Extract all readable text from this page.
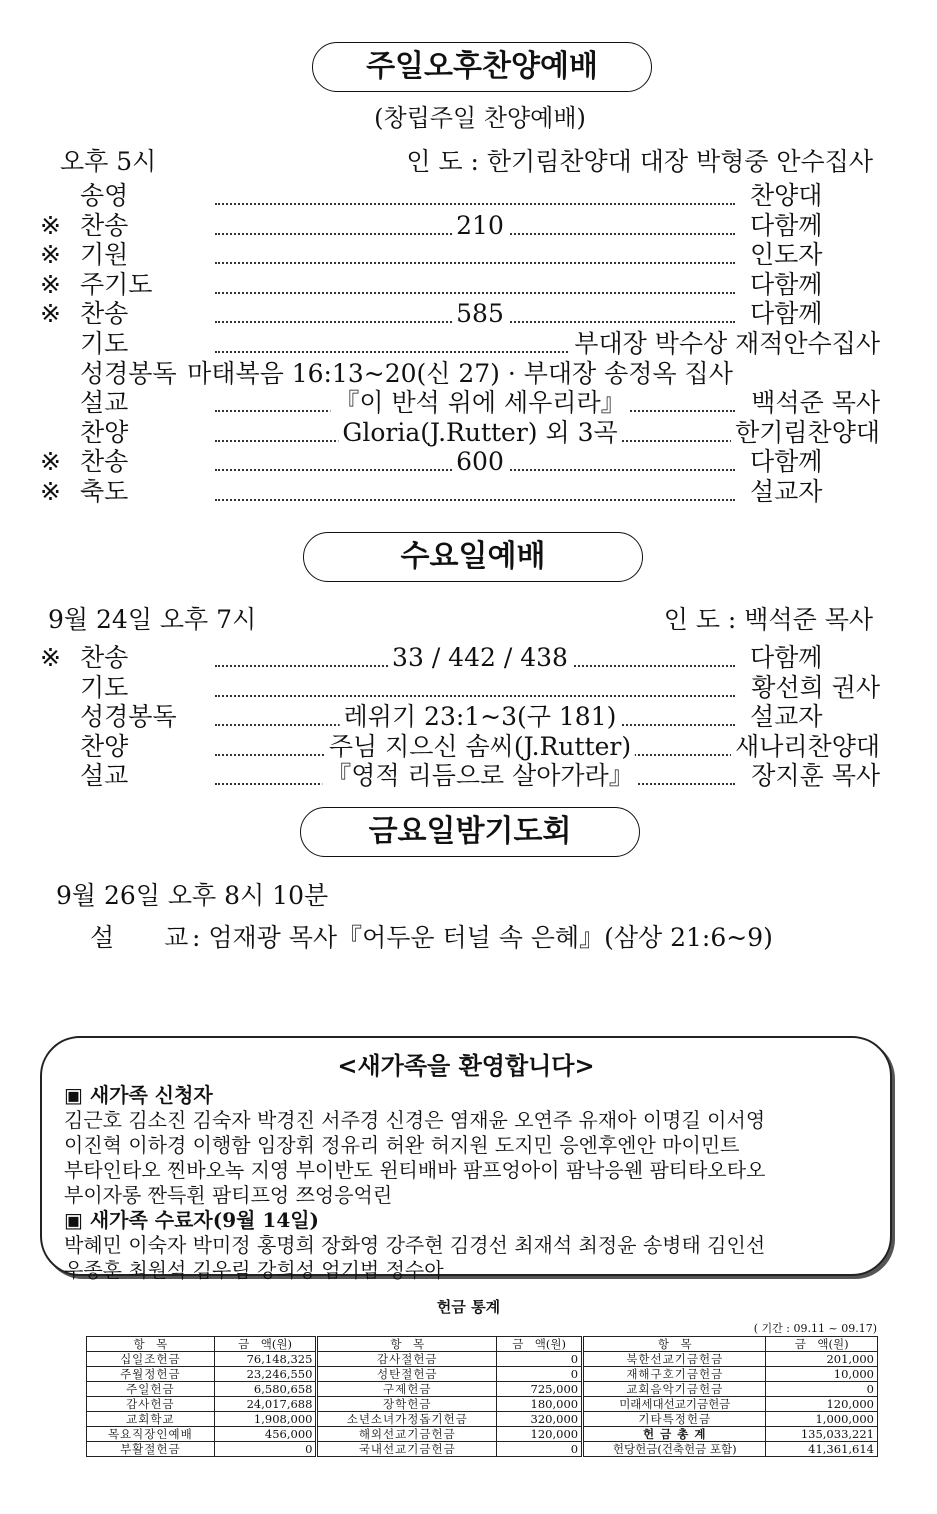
주일오후찬양예배
(창립주일 찬양예배)
오후 5시	인 도 : 한기림찬양대 대장 박형중 안수집사
송영	찬양대
※ 찬송	210	다함께
※ 기원	인도자
※ 주기도	다함께
※ 찬송	585	다함께
기도	부대장 박수상 재적안수집사
성경봉독 마태복음 16:13~20(신 27) · 부대장 송정옥 집사
설교	『이 반석 위에 세우리라』	백석준 목사
찬양	Gloria(J.Rutter) 외 3곡	한기림찬양대
※ 찬송	600	다함께
※ 축도	설교자
수요일예배
9월 24일 오후 7시	인 도 : 백석준 목사
※ 찬송	33 / 442 / 438	다함께
기도	황선희 권사
성경봉독	레위기 23:1~3(구 181)	설교자
찬양	주님 지으신 솜씨(J.Rutter)	새나리찬양대
설교	『영적 리듬으로 살아가라』	장지훈 목사
금요일밤기도회
9월 26일 오후 8시 10분
설　　교 : 엄재광 목사『어두운 터널 속 은혜』(삼상 21:6~9)
<새가족을 환영합니다>
▣ 새가족 신청자
김근호 김소진 김숙자 박경진 서주경 신경은 염재윤 오연주 유재아 이명길 이서영
이진혁 이하경 이행함 임장휘 정유리 허완 허지원 도지민 응엔후엔안 마이민트
부타인타오 찐바오녹 지영 부이반도 윈티배바 팜프엉아이 팜낙응웬 팜티타오타오
부이자롱 짠득휜 팜티프엉 쯔엉응억린
▣ 새가족 수료자(9월 14일)
박혜민 이숙자 박미정 홍명희 장화영 강주현 김경선 최재석 최정윤 송병태 김인선
우종훈 최원석 김우림 강희성 엄기범 정수아
헌금 통계
( 기간 : 09.11 ~ 09.17)
항　목	금　액(원)	항　목	금　액(원)	항　목	금　액(원)
십일조헌금	76,148,325	감사절헌금	0	북한선교기금헌금	201,000
주월정헌금	23,246,550	성탄절헌금	0	재해구호기금헌금	10,000
주일헌금	6,580,658	구제헌금	725,000	교회음악기금헌금	0
감사헌금	24,017,688	장학헌금	180,000	미래세대선교기금헌금	120,000
교회학교	1,908,000	소년소녀가정돕기헌금	320,000	기타특정헌금	1,000,000
목요직장인예배	456,000	해외선교기금헌금	120,000	헌 금 총 계	135,033,221
부활절헌금	0	국내선교기금헌금	0	헌당헌금(건축헌금 포함)	41,361,614
